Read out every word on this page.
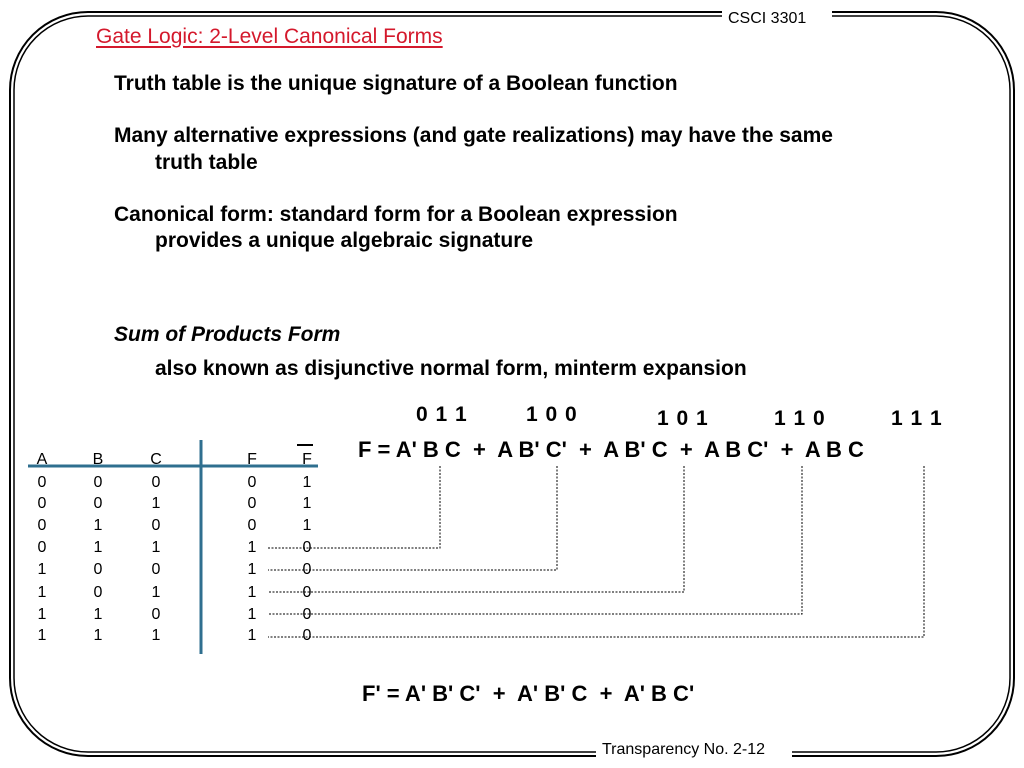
CSCI 3301
Gate Logic: 2-Level Canonical Forms
Truth table is the unique signature of a Boolean function
Many alternative expressions (and gate realizations) may have the same
truth table
Canonical form: standard form for a Boolean expression
provides a unique algebraic signature
Sum of Products Form
also known as disjunctive normal form, minterm expansion
0 1 1	1 0 0	1 0 1	1 1 0	1 1 1
F = A' B C  +  A B' C'  +  A B' C  +  A B C'  +  A B C
A	B	C	F	F
0	0	0	0	1
0	0	1	0	1
0	1	0	0	1
0	1	1	1	0
1	0	0	1	0
1	0	1	1	0
1	1	0	1	0
1	1	1	1	0
F' = A' B' C'  +  A' B' C  +  A' B C'
Transparency No. 2-12
